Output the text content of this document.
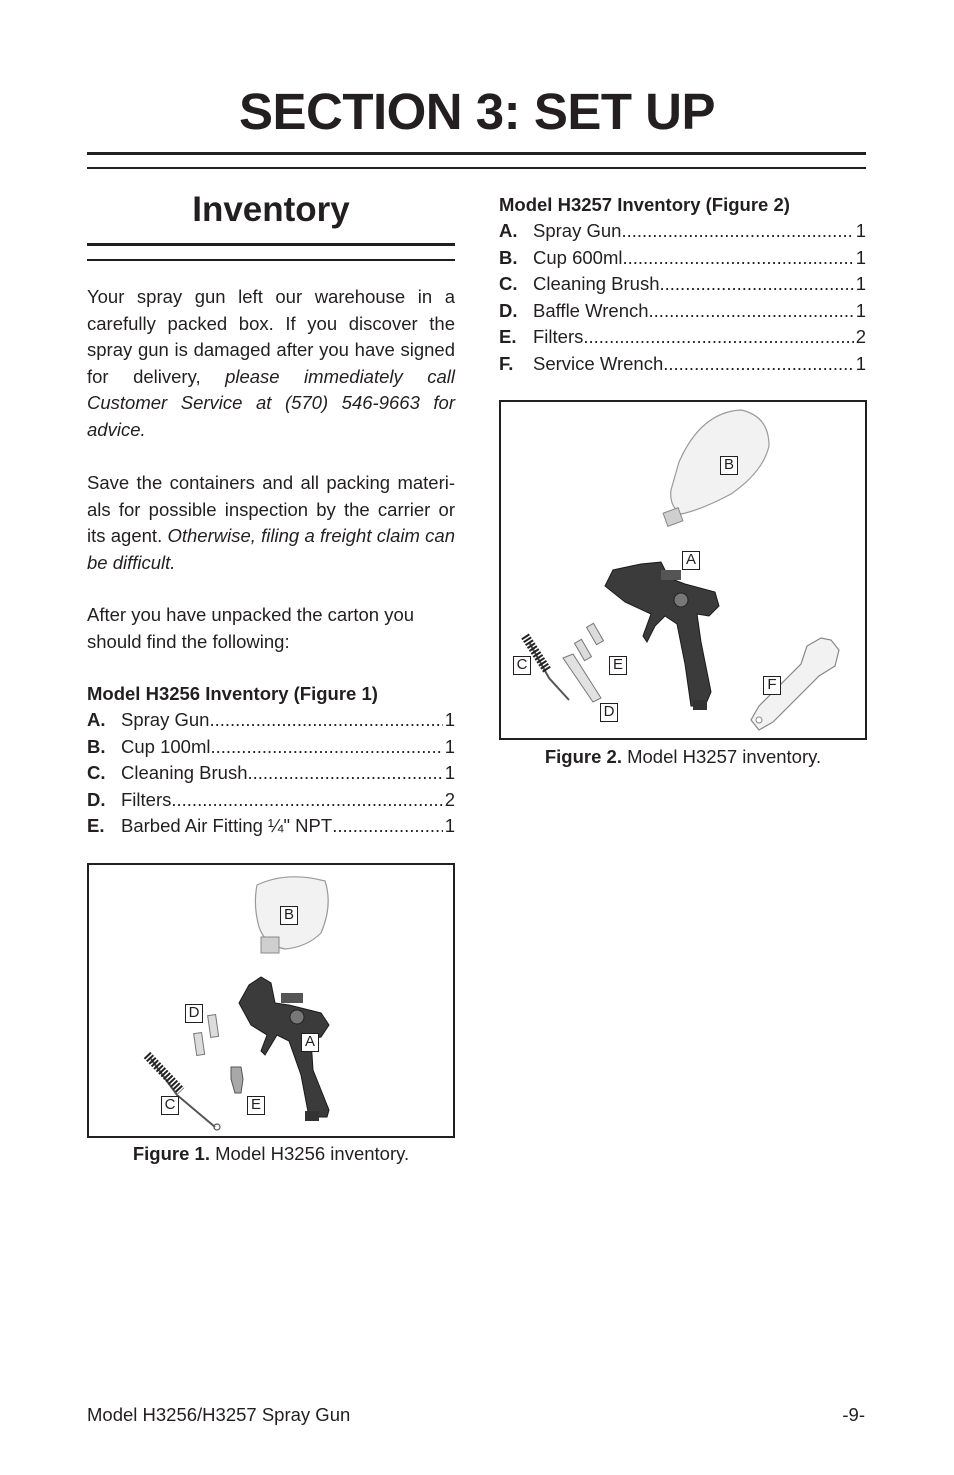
SECTION 3: SET UP
Inventory

Your spray gun left our warehouse in a carefully packed box. If you discover the spray gun is damaged after you have signed for delivery, please immediately call Customer Service at (570) 546-9663 for advice.

Save the containers and all packing materi-als for possible inspection by the carrier or its agent. Otherwise, filing a freight claim can be difficult.

After you have unpacked the carton you should find the following:

Model H3256 Inventory (Figure 1)

A. Spray Gun .....	1
B. Cup 100ml .....	1
C. Cleaning Brush .....	1
D. Filters .....	2
E. Barbed Air Fitting ¼" NPT .....	1
B
D
A
C	E

Figure 1. Model H3256 inventory.

Model H3257 Inventory (Figure 2)

A. Spray Gun .....	1
B. Cup 600ml .....	1
C. Cleaning Brush .....	1
D. Baffle Wrench .....	1
E. Filters .....	2
F.	Service Wrench .....	1
B
A
C	E
F
D

Figure 2. Model H3257 inventory.

Model H3256/H3257 Spray Gun	-9-
